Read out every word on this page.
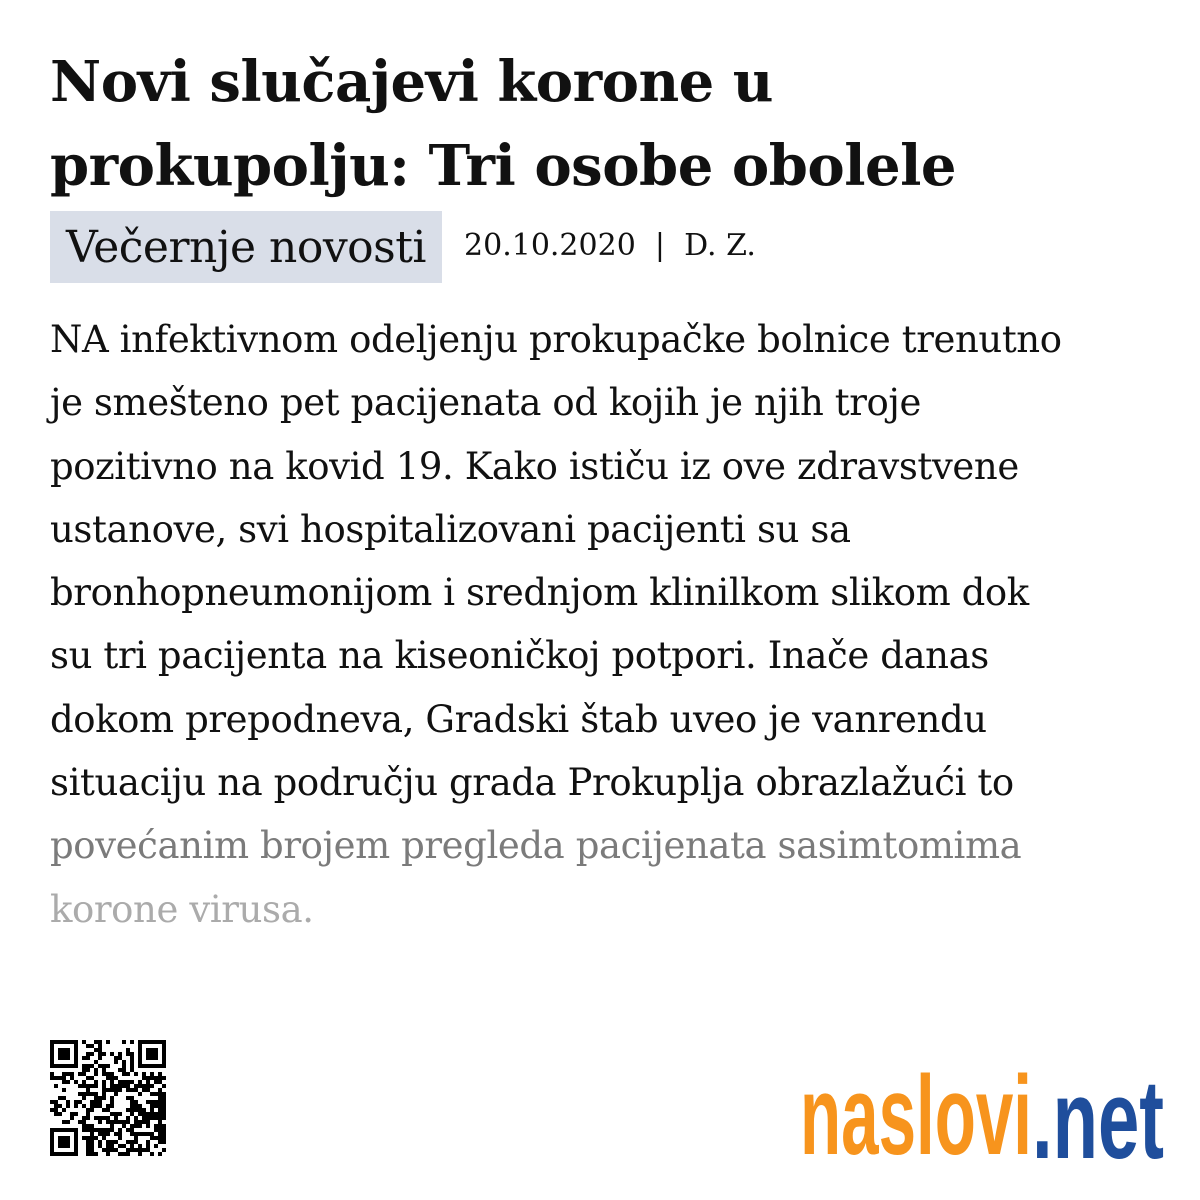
Novi slučajevi korone u prokupolju: Tri osobe obolele
Večernje novosti	20.10.2020 | D. Z.
NA infektivnom odeljenju prokupačke bolnice trenutno
je smešteno pet pacijenata od kojih je njih troje
pozitivno na kovid 19. Kako ističu iz ove zdravstvene
ustanove, svi hospitalizovani pacijenti su sa
bronhopneumonijom i srednjom klinilkom slikom dok
su tri pacijenta na kiseoničkoj potpori. Inače danas
dokom prepodneva, Gradski štab uveo je vanrendu
situaciju na području grada Prokuplja obrazlažući to
povećanim brojem pregleda pacijenata sasimtomima
korone virusa.
naslovi .net
